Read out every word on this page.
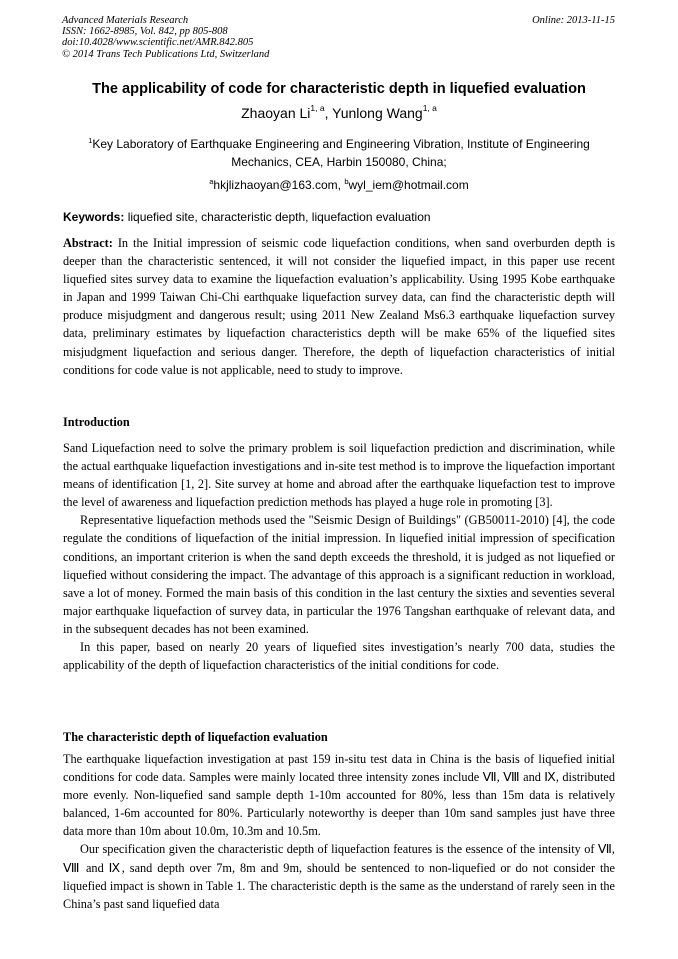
Advanced Materials Research
ISSN: 1662-8985, Vol. 842, pp 805-808
doi:10.4028/www.scientific.net/AMR.842.805
© 2014 Trans Tech Publications Ltd, Switzerland
Online: 2013-11-15
The applicability of code for characteristic depth in liquefied evaluation
Zhaoyan Li$^{1, a}$, Yunlong Wang$^{1, a}$
$^1$Key Laboratory of Earthquake Engineering and Engineering Vibration, Institute of Engineering Mechanics, CEA, Harbin 150080, China;
$^a$hkjlizhaoyan@163.com, $^b$wyl_iem@hotmail.com
Keywords: liquefied site, characteristic depth, liquefaction evaluation

Abstract: In the Initial impression of seismic code liquefaction conditions, when sand overburden depth is deeper than the characteristic sentenced, it will not consider the liquefied impact, in this paper use recent liquefied sites survey data to examine the liquefaction evaluation’s applicability. Using 1995 Kobe earthquake in Japan and 1999 Taiwan Chi-Chi earthquake liquefaction survey data, can find the characteristic depth will produce misjudgment and dangerous result; using 2011 New Zealand Ms6.3 earthquake liquefaction survey data, preliminary estimates by liquefaction characteristics depth will be make 65% of the liquefied sites misjudgment liquefaction and serious danger. Therefore, the depth of liquefaction characteristics of initial conditions for code value is not applicable, need to study to improve.

Introduction

Sand Liquefaction need to solve the primary problem is soil liquefaction prediction and discrimination, while the actual earthquake liquefaction investigations and in-site test method is to improve the liquefaction important means of identification [1, 2]. Site survey at home and abroad after the earthquake liquefaction test to improve the level of awareness and liquefaction prediction methods has played a huge role in promoting [3].

Representative liquefaction methods used the "Seismic Design of Buildings" (GB50011-2010) [4], the code regulate the conditions of liquefaction of the initial impression. In liquefied initial impression of specification conditions, an important criterion is when the sand depth exceeds the threshold, it is judged as not liquefied or liquefied without considering the impact. The advantage of this approach is a significant reduction in workload, save a lot of money. Formed the main basis of this condition in the last century the sixties and seventies several major earthquake liquefaction of survey data, in particular the 1976 Tangshan earthquake of relevant data, and in the subsequent decades has not been examined.

In this paper, based on nearly 20 years of liquefied sites investigation’s nearly 700 data, studies the applicability of the depth of liquefaction characteristics of the initial conditions for code.

The characteristic depth of liquefaction evaluation

The earthquake liquefaction investigation at past 159 in-situ test data in China is the basis of liquefied initial conditions for code data. Samples were mainly located three intensity zones include Ⅶ, Ⅷ and Ⅸ, distributed more evenly. Non-liquefied sand sample depth 1-10m accounted for 80%, less than 15m data is relatively balanced, 1-6m accounted for 80%. Particularly noteworthy is deeper than 10m sand samples just have three data more than 10m about 10.0m, 10.3m and 10.5m.

Our specification given the characteristic depth of liquefaction features is the essence of the intensity of Ⅶ, Ⅷ and Ⅸ, sand depth over 7m, 8m and 9m, should be sentenced to non-liquefied or do not consider the liquefied impact is shown in Table 1. The characteristic depth is the same as the understand of rarely seen in the China’s past sand liquefied data
